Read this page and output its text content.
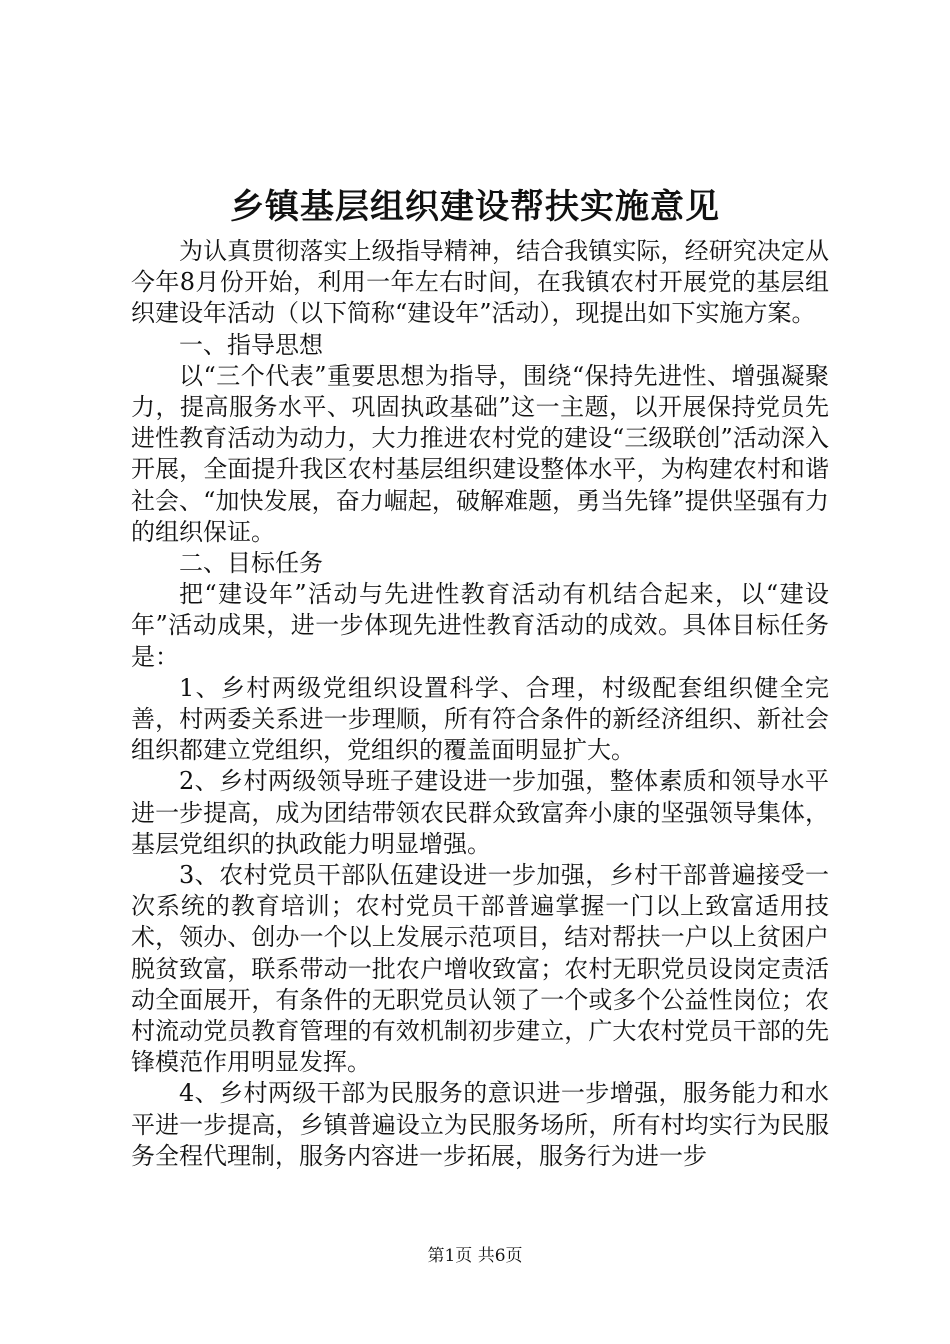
乡镇基层组织建设帮扶实施意见

为认真贯彻落实上级指导精神，结合我镇实际，经研究决定从今年8月份开始，利用一年左右时间，在我镇农村开展党的基层组织建设年活动（以下简称“建设年”活动），现提出如下实施方案。

一、指导思想

以“三个代表”重要思想为指导，围绕“保持先进性、增强凝聚力，提高服务水平、巩固执政基础”这一主题，以开展保持党员先进性教育活动为动力，大力推进农村党的建设“三级联创”活动深入开展，全面提升我区农村基层组织建设整体水平，为构建农村和谐社会、“加快发展，奋力崛起，破解难题，勇当先锋”提供坚强有力的组织保证。

二、目标任务

把“建设年”活动与先进性教育活动有机结合起来，以“建设年”活动成果，进一步体现先进性教育活动的成效。具体目标任务是：

1、乡村两级党组织设置科学、合理，村级配套组织健全完善，村两委关系进一步理顺，所有符合条件的新经济组织、新社会组织都建立党组织，党组织的覆盖面明显扩大。

2、乡村两级领导班子建设进一步加强，整体素质和领导水平进一步提高，成为团结带领农民群众致富奔小康的坚强领导集体，基层党组织的执政能力明显增强。

3、农村党员干部队伍建设进一步加强，乡村干部普遍接受一次系统的教育培训；农村党员干部普遍掌握一门以上致富适用技术，领办、创办一个以上发展示范项目，结对帮扶一户以上贫困户脱贫致富，联系带动一批农户增收致富；农村无职党员设岗定责活动全面展开，有条件的无职党员认领了一个或多个公益性岗位；农村流动党员教育管理的有效机制初步建立，广大农村党员干部的先锋模范作用明显发挥。

4、乡村两级干部为民服务的意识进一步增强，服务能力和水平进一步提高，乡镇普遍设立为民服务场所，所有村均实行为民服务全程代理制，服务内容进一步拓展，服务行为进一步

第1页 共6页
